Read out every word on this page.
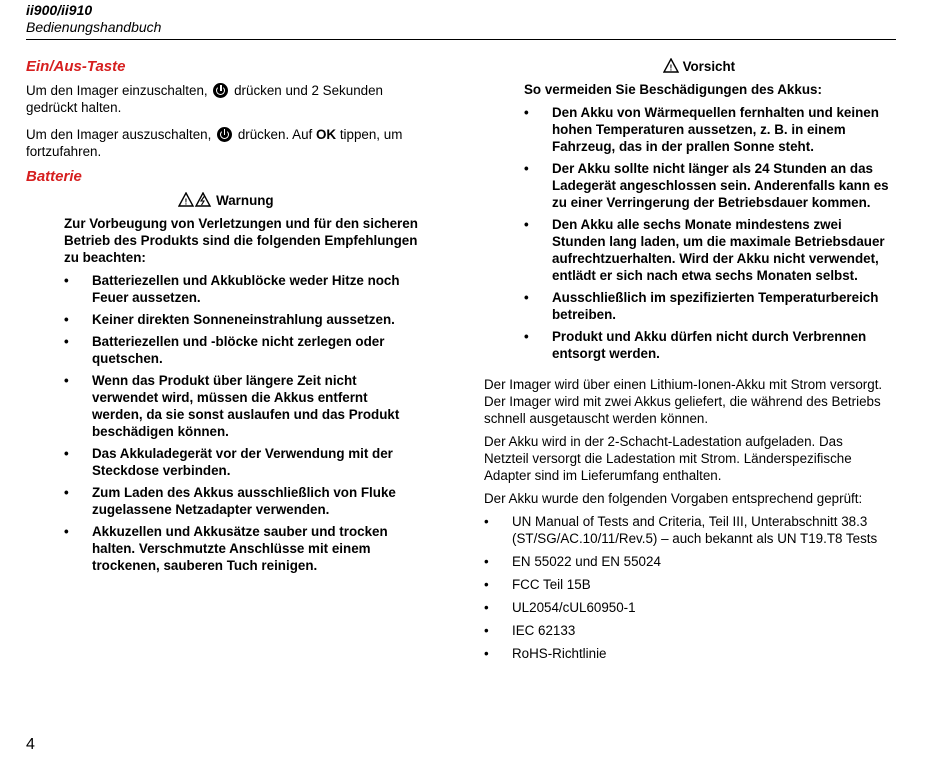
ii900/ii910
Bedienungshandbuch
Ein/Aus-Taste

Um den Imager einzuschalten, drücken und 2 Sekunden gedrückt halten.

Um den Imager auszuschalten, drücken. Auf OK tippen, um fortzufahren.

Batterie
! Warnung
Zur Vorbeugung von Verletzungen und für den sicheren Betrieb des Produkts sind die folgenden Empfehlungen zu beachten:
• Batteriezellen und Akkublöcke weder Hitze noch Feuer aussetzen.
• Keiner direkten Sonneneinstrahlung aussetzen.
• Batteriezellen und -blöcke nicht zerlegen oder quetschen.
• Wenn das Produkt über längere Zeit nicht verwendet wird, müssen die Akkus entfernt werden, da sie sonst auslaufen und das Produkt beschädigen können.
• Das Akkuladegerät vor der Verwendung mit der Steckdose verbinden.
• Zum Laden des Akkus ausschließlich von Fluke zugelassene Netzadapter verwenden.
• Akkuzellen und Akkusätze sauber und trocken halten. Verschmutzte Anschlüsse mit einem trockenen, sauberen Tuch reinigen.
! Vorsicht
So vermeiden Sie Beschädigungen des Akkus:
• Den Akku von Wärmequellen fernhalten und keinen hohen Temperaturen aussetzen, z. B. in einem Fahrzeug, das in der prallen Sonne steht.
• Der Akku sollte nicht länger als 24 Stunden an das Ladegerät angeschlossen sein. Anderenfalls kann es zu einer Verringerung der Betriebsdauer kommen.
• Den Akku alle sechs Monate mindestens zwei Stunden lang laden, um die maximale Betriebsdauer aufrechtzuerhalten. Wird der Akku nicht verwendet, entlädt er sich nach etwa sechs Monaten selbst.
• Ausschließlich im spezifizierten Temperaturbereich betreiben.
• Produkt und Akku dürfen nicht durch Verbrennen entsorgt werden.

Der Imager wird über einen Lithium-Ionen-Akku mit Strom versorgt. Der Imager wird mit zwei Akkus geliefert, die während des Betriebs schnell ausgetauscht werden können.

Der Akku wird in der 2-Schacht-Ladestation aufgeladen. Das Netzteil versorgt die Ladestation mit Strom. Länderspezifische Adapter sind im Lieferumfang enthalten.

Der Akku wurde den folgenden Vorgaben entsprechend geprüft:

• UN Manual of Tests and Criteria, Teil III, Unterabschnitt 38.3 (ST/SG/AC.10/11/Rev.5) – auch bekannt als UN T19.T8 Tests
• EN 55022 und EN 55024
• FCC Teil 15B
• UL2054/cUL60950-1
• IEC 62133
• RoHS-Richtlinie
4
